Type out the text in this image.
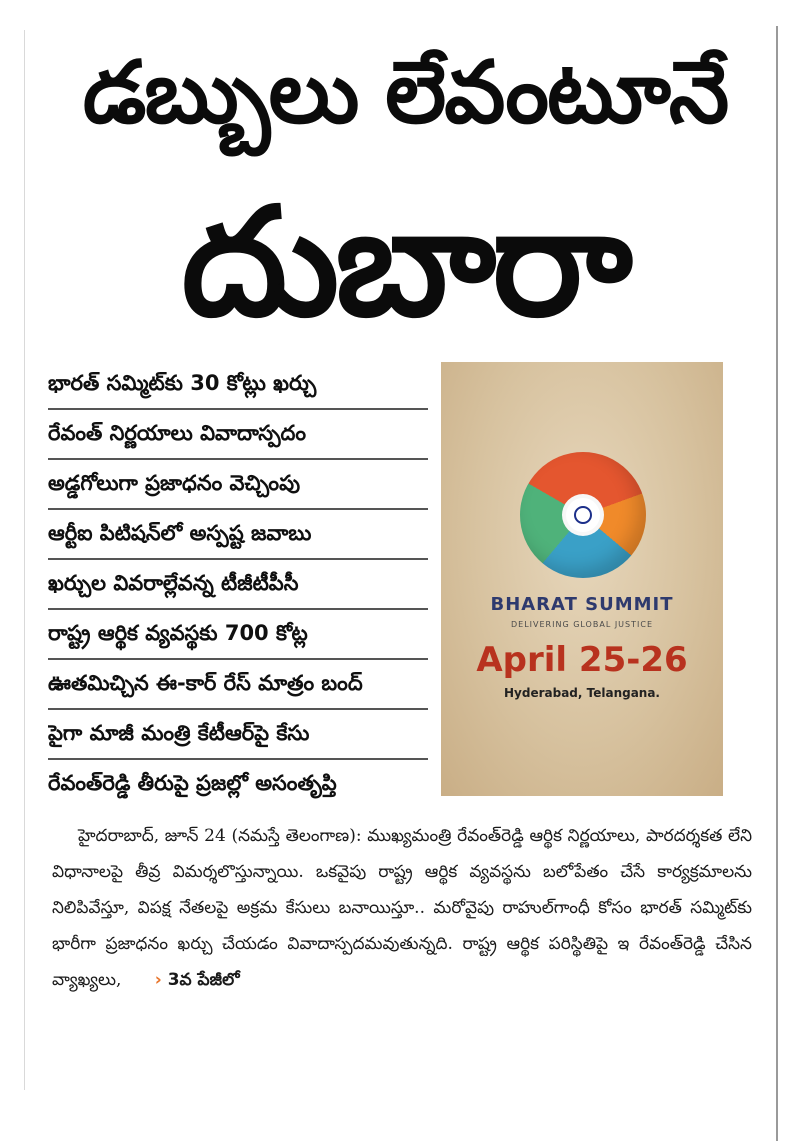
డబ్బులు లేవంటూనే
దుబారా
భారత్ సమ్మిట్‌కు 30 కోట్లు ఖర్చు
రేవంత్ నిర్ణయాలు వివాదాస్పదం
అడ్డగోలుగా ప్రజాధనం వెచ్చింపు
ఆర్టీఐ పిటిషన్‌లో అస్పష్ట జవాబు
ఖర్చుల వివరాల్లేవన్న టీజీటీపీసీ
రాష్ట్ర ఆర్థిక వ్యవస్థకు 700 కోట్ల
ఊతమిచ్చిన ఈ-కార్ రేస్ మాత్రం బంద్
పైగా మాజీ మంత్రి కేటీఆర్‌పై కేసు
రేవంత్‌రెడ్డి తీరుపై ప్రజల్లో అసంతృప్తి
BHARAT SUMMIT
DELIVERING GLOBAL JUSTICE
April 25-26
Hyderabad, Telangana.
హైదరాబాద్, జూన్ 24 (నమస్తే తెలంగాణ): ముఖ్యమంత్రి రేవంత్‌రెడ్డి ఆర్థిక నిర్ణయాలు, పారదర్శకత లేని విధానాలపై తీవ్ర విమర్శలొస్తున్నాయి. ఒకవైపు రాష్ట్ర ఆర్థిక వ్యవస్థను బలోపేతం చేసే కార్యక్రమాలను నిలిపివేస్తూ, విపక్ష నేతలపై అక్రమ కేసులు బనాయిస్తూ.. మరోవైపు రాహుల్‌గాంధీ కోసం భారత్ సమ్మిట్‌కు భారీగా ప్రజాధనం ఖర్చు చేయడం వివాదాస్పదమవుతున్నది. రాష్ట్ర ఆర్థిక పరిస్థితిపై ఇ రేవంత్‌రెడ్డి చేసిన వ్యాఖ్యలు, › 3వ పేజీలో
